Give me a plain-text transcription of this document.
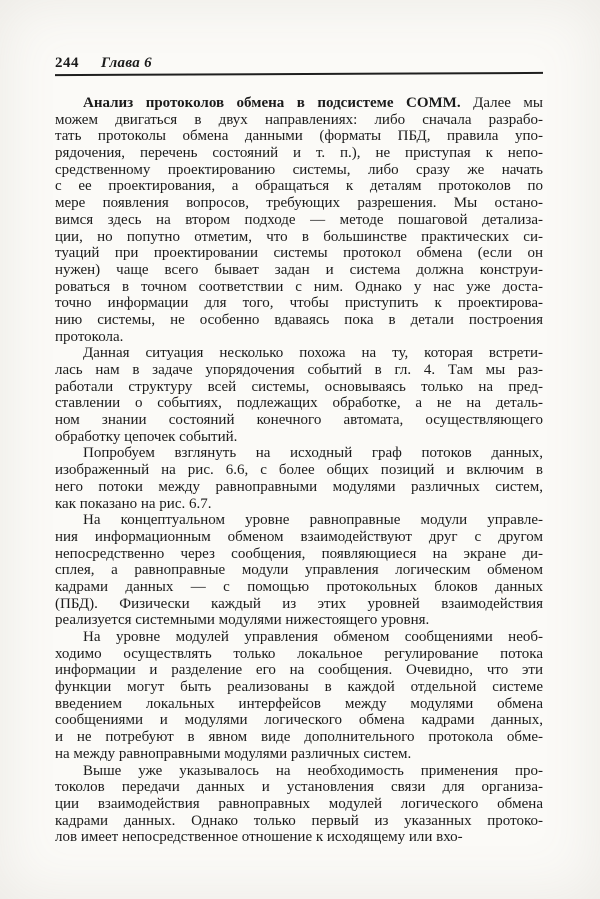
244 Глава 6
Анализ протоколов обмена в подсистеме COMM. Далее мы
можем двигаться в двух направлениях: либо сначала разрабо-
тать протоколы обмена данными (форматы ПБД, правила упо-
рядочения, перечень состояний и т. п.), не приступая к непо-
средственному проектированию системы, либо сразу же начать
с ее проектирования, а обращаться к деталям протоколов по
мере появления вопросов, требующих разрешения. Мы остано-
вимся здесь на втором подходе — методе пошаговой детализа-
ции, но попутно отметим, что в большинстве практических си-
туаций при проектировании системы протокол обмена (если он
нужен) чаще всего бывает задан и система должна конструи-
роваться в точном соответствии с ним. Однако у нас уже доста-
точно информации для того, чтобы приступить к проектирова-
нию системы, не особенно вдаваясь пока в детали построения
протокола.
Данная ситуация несколько похожа на ту, которая встрети-
лась нам в задаче упорядочения событий в гл. 4. Там мы раз-
работали структуру всей системы, основываясь только на пред-
ставлении о событиях, подлежащих обработке, а не на деталь-
ном знании состояний конечного автомата, осуществляющего
обработку цепочек событий.
Попробуем взглянуть на исходный граф потоков данных,
изображенный на рис. 6.6, с более общих позиций и включим в
него потоки между равноправными модулями различных систем,
как показано на рис. 6.7.
На концептуальном уровне равноправные модули управле-
ния информационным обменом взаимодействуют друг с другом
непосредственно через сообщения, появляющиеся на экране ди-
сплея, а равноправные модули управления логическим обменом
кадрами данных — с помощью протокольных блоков данных
(ПБД). Физически каждый из этих уровней взаимодействия
реализуется системными модулями нижестоящего уровня.
На уровне модулей управления обменом сообщениями необ-
ходимо осуществлять только локальное регулирование потока
информации и разделение его на сообщения. Очевидно, что эти
функции могут быть реализованы в каждой отдельной системе
введением локальных интерфейсов между модулями обмена
сообщениями и модулями логического обмена кадрами данных,
и не потребуют в явном виде дополнительного протокола обме-
на между равноправными модулями различных систем.
Выше уже указывалось на необходимость применения про-
токолов передачи данных и установления связи для организа-
ции взаимодействия равноправных модулей логического обмена
кадрами данных. Однако только первый из указанных протоко-
лов имеет непосредственное отношение к исходящему или вхо-
